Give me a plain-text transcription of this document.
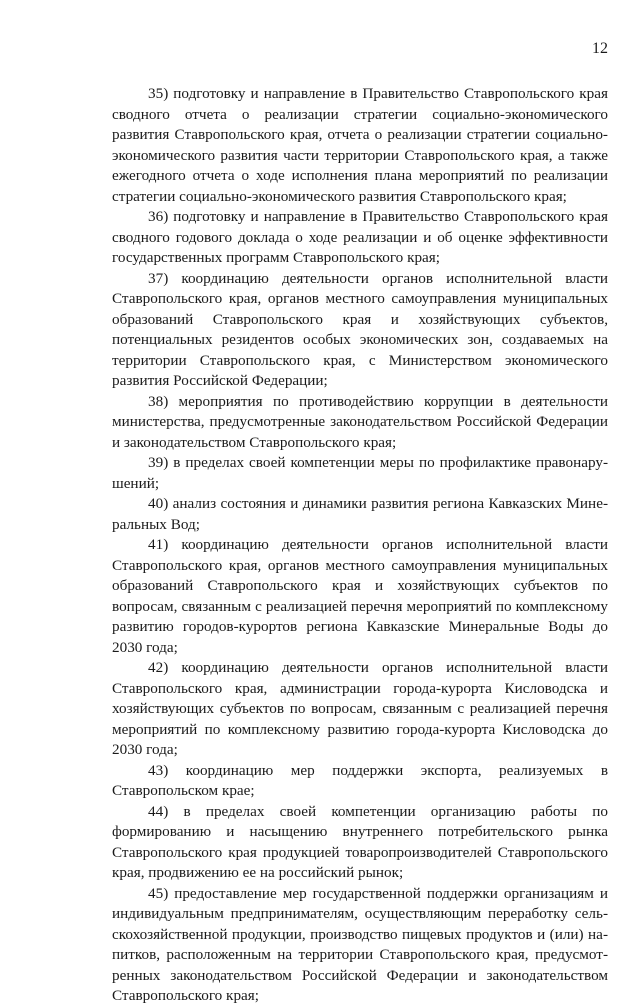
12

35) подготовку и направление в Правительство Ставропольского края сводного отчета о реализации стратегии социально-экономического развития Ставропольского края, отчета о реализации стратегии социально-экономического развития части территории Ставропольского края, а также ежегодного отчета о ходе исполнения плана мероприятий по реализации стратегии социально-экономического развития Ставропольского края;

36) подготовку и направление в Правительство Ставропольского края сводного годового доклада о ходе реализации и об оценке эффективности государственных программ Ставропольского края;

37) координацию деятельности органов исполнительной власти Ставропольского края, органов местного самоуправления муниципальных образований Ставропольского края и хозяйствующих субъектов, потенциальных резидентов особых экономических зон, создаваемых на территории Ставропольского края, с Министерством экономического развития Российской Федерации;

38) мероприятия по противодействию коррупции в деятельности министерства, предусмотренные законодательством Российской Федерации и законодательством Ставропольского края;

39) в пределах своей компетенции меры по профилактике правонарушений;

40) анализ состояния и динамики развития региона Кавказских Минеральных Вод;

41) координацию деятельности органов исполнительной власти Ставропольского края, органов местного самоуправления муниципальных образований Ставропольского края и хозяйствующих субъектов по вопросам, связанным с реализацией перечня мероприятий по комплексному развитию городов-курортов региона Кавказские Минеральные Воды до 2030 года;

42) координацию деятельности органов исполнительной власти Ставропольского края, администрации города-курорта Кисловодска и хозяйствующих субъектов по вопросам, связанным с реализацией перечня мероприятий по комплексному развитию города-курорта Кисловодска до 2030 года;

43) координацию мер поддержки экспорта, реализуемых в Ставропольском крае;

44) в пределах своей компетенции организацию работы по формированию и насыщению внутреннего потребительского рынка Ставропольского края продукцией товаропроизводителей Ставропольского края, продвижению ее на российский рынок;

45) предоставление мер государственной поддержки организациям и индивидуальным предпринимателям, осуществляющим переработку сельскохозяйственной продукции, производство пищевых продуктов и (или) напитков, расположенным на территории Ставропольского края, предусмотренных законодательством Российской Федерации и законодательством Ставропольского края;
